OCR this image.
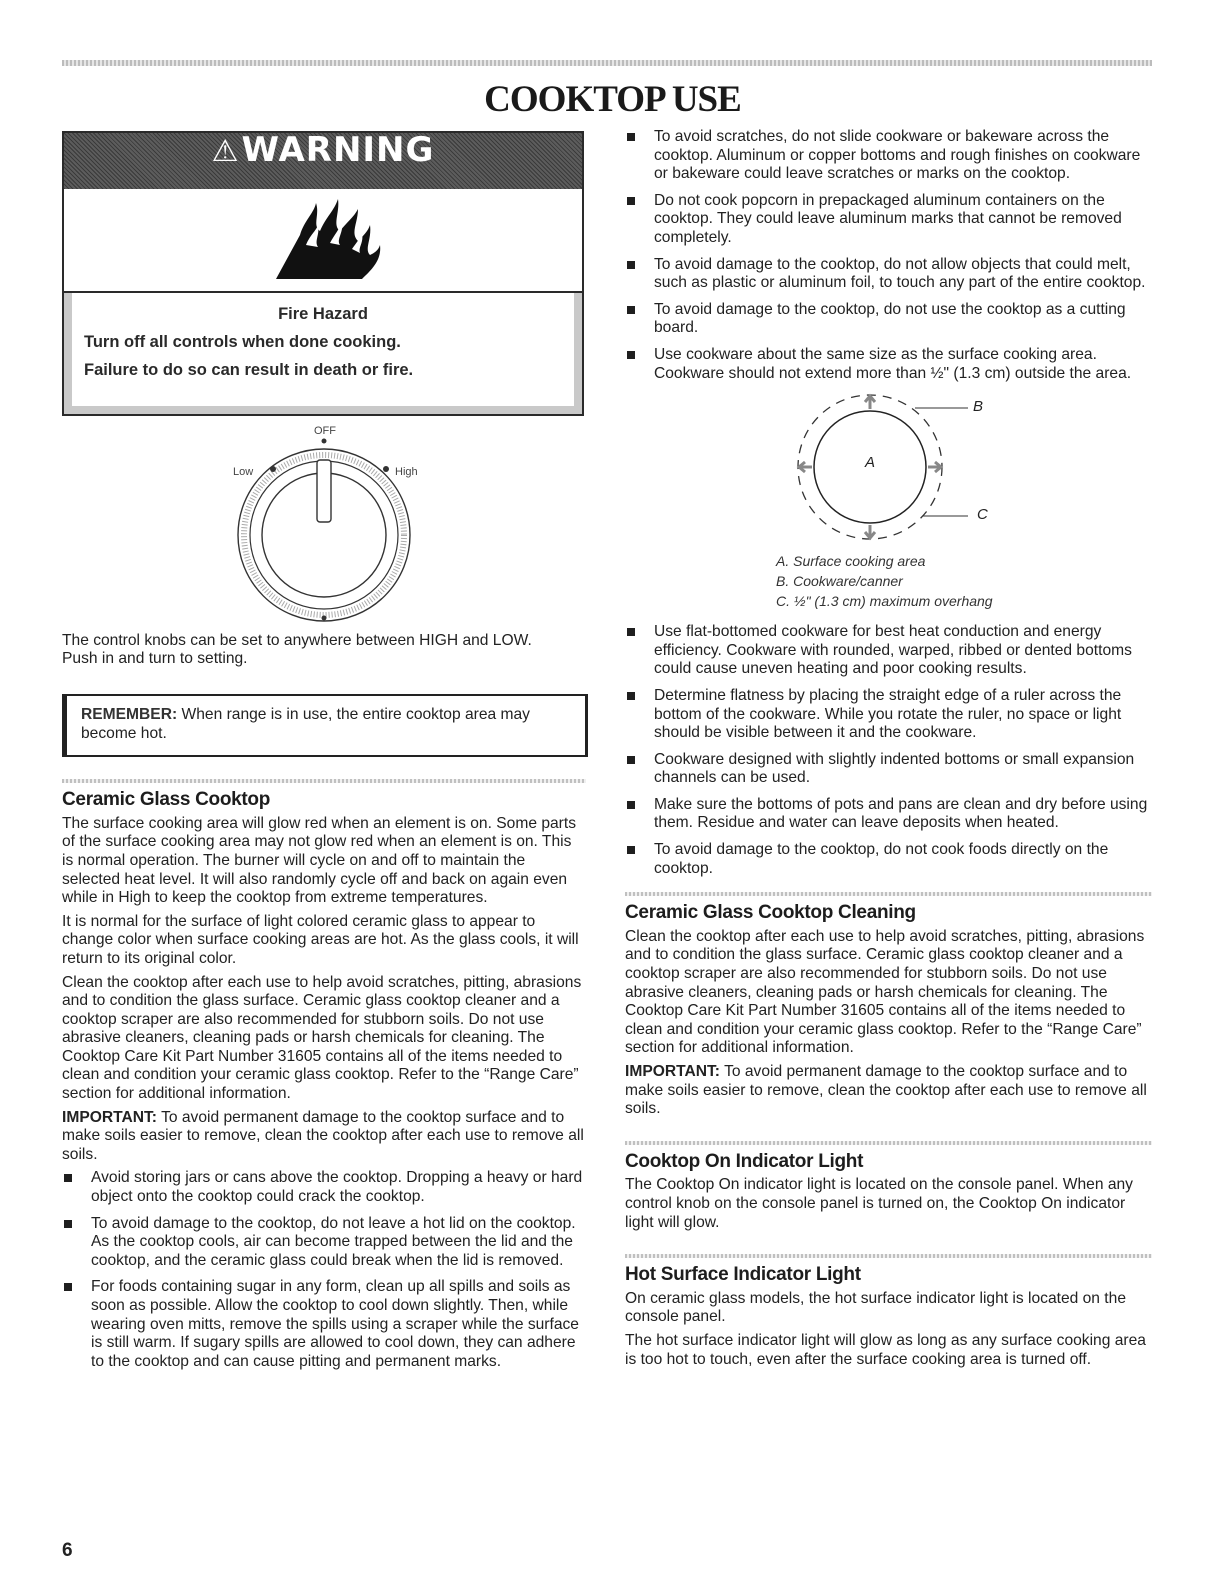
COOKTOP USE
⚠WARNING
Fire Hazard
Turn off all controls when done cooking.
Failure to do so can result in death or fire.
OFF
Low	High

The control knobs can be set to anywhere between HIGH and LOW. Push in and turn to setting.

REMEMBER: When range is in use, the entire cooktop area may become hot.
Ceramic Glass Cooktop

The surface cooking area will glow red when an element is on. Some parts of the surface cooking area may not glow red when an element is on. This is normal operation. The burner will cycle on and off to maintain the selected heat level. It will also randomly cycle off and back on again even while in High to keep the cooktop from extreme temperatures.

It is normal for the surface of light colored ceramic glass to appear to change color when surface cooking areas are hot. As the glass cools, it will return to its original color.

Clean the cooktop after each use to help avoid scratches, pitting, abrasions and to condition the glass surface. Ceramic glass cooktop cleaner and a cooktop scraper are also recommended for stubborn soils. Do not use abrasive cleaners, cleaning pads or harsh chemicals for cleaning. The Cooktop Care Kit Part Number 31605 contains all of the items needed to clean and condition your ceramic glass cooktop. Refer to the “Range Care” section for additional information.

IMPORTANT: To avoid permanent damage to the cooktop surface and to make soils easier to remove, clean the cooktop after each use to remove all soils.

Avoid storing jars or cans above the cooktop. Dropping a heavy or hard object onto the cooktop could crack the cooktop.
To avoid damage to the cooktop, do not leave a hot lid on the cooktop. As the cooktop cools, air can become trapped between the lid and the cooktop, and the ceramic glass could break when the lid is removed.
For foods containing sugar in any form, clean up all spills and soils as soon as possible. Allow the cooktop to cool down slightly. Then, while wearing oven mitts, remove the spills using a scraper while the surface is still warm. If sugary spills are allowed to cool down, they can adhere to the cooktop and can cause pitting and permanent marks.
To avoid scratches, do not slide cookware or bakeware across the cooktop. Aluminum or copper bottoms and rough finishes on cookware or bakeware could leave scratches or marks on the cooktop.
Do not cook popcorn in prepackaged aluminum containers on the cooktop. They could leave aluminum marks that cannot be removed completely.
To avoid damage to the cooktop, do not allow objects that could melt, such as plastic or aluminum foil, to touch any part of the entire cooktop.
To avoid damage to the cooktop, do not use the cooktop as a cutting board.
Use cookware about the same size as the surface cooking area. Cookware should not extend more than ½" (1.3 cm) outside the area.
A
B
C
A. Surface cooking area
B. Cookware/canner
C. ½" (1.3 cm) maximum overhang
Use flat-bottomed cookware for best heat conduction and energy efficiency. Cookware with rounded, warped, ribbed or dented bottoms could cause uneven heating and poor cooking results.
Determine flatness by placing the straight edge of a ruler across the bottom of the cookware. While you rotate the ruler, no space or light should be visible between it and the cookware.
Cookware designed with slightly indented bottoms or small expansion channels can be used.
Make sure the bottoms of pots and pans are clean and dry before using them. Residue and water can leave deposits when heated.
To avoid damage to the cooktop, do not cook foods directly on the cooktop.
Ceramic Glass Cooktop Cleaning

Clean the cooktop after each use to help avoid scratches, pitting, abrasions and to condition the glass surface. Ceramic glass cooktop cleaner and a cooktop scraper are also recommended for stubborn soils. Do not use abrasive cleaners, cleaning pads or harsh chemicals for cleaning. The Cooktop Care Kit Part Number 31605 contains all of the items needed to clean and condition your ceramic glass cooktop. Refer to the “Range Care” section for additional information.

IMPORTANT: To avoid permanent damage to the cooktop surface and to make soils easier to remove, clean the cooktop after each use to remove all soils.

Cooktop On Indicator Light

The Cooktop On indicator light is located on the console panel. When any control knob on the console panel is turned on, the Cooktop On indicator light will glow.

Hot Surface Indicator Light

On ceramic glass models, the hot surface indicator light is located on the console panel.

The hot surface indicator light will glow as long as any surface cooking area is too hot to touch, even after the surface cooking area is turned off.

6
